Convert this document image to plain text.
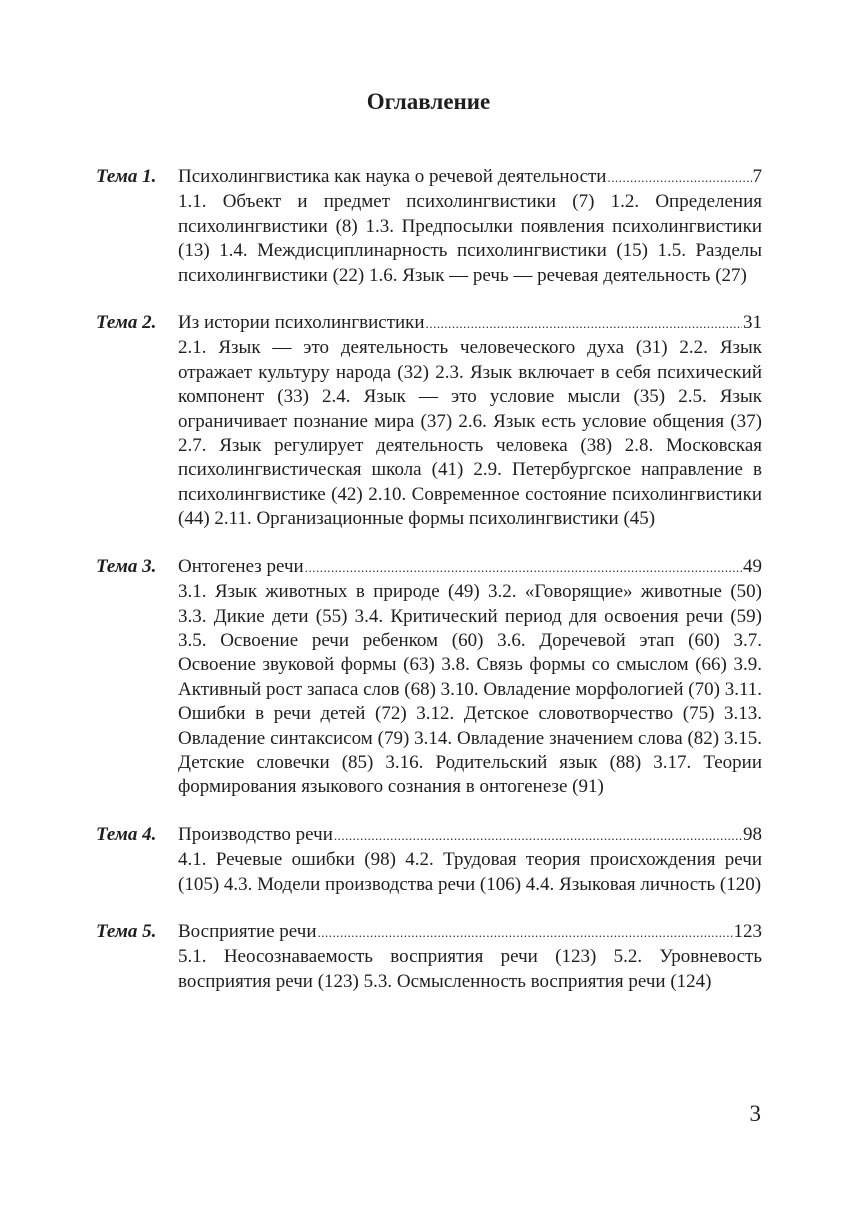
Оглавление
Тема 1.	Психолингвистика как наука о речевой деятельности .....	7
1.1. Объект и предмет психолингвистики (7) 1.2. Определения психолингвистики (8) 1.3. Предпосылки появления психолингвистики (13) 1.4. Междисциплинарность психолингвистики (15) 1.5. Разделы психолингвистики (22) 1.6. Язык — речь — речевая деятельность (27)
Тема 2.	Из истории психолингвистики .....	31
2.1. Язык — это деятельность человеческого духа (31) 2.2. Язык отражает культуру народа (32) 2.3. Язык включает в себя психический компонент (33) 2.4. Язык — это условие мысли (35) 2.5. Язык ограничивает познание мира (37) 2.6. Язык есть условие общения (37) 2.7. Язык регулирует деятельность человека (38) 2.8. Московская психолингвистическая школа (41) 2.9. Петербургское направление в психолингвистике (42) 2.10. Современное состояние психолингвистики (44) 2.11. Организационные формы психолингвистики (45)
Тема 3.	Онтогенез речи .....	49
3.1. Язык животных в природе (49) 3.2. «Говорящие» животные (50) 3.3. Дикие дети (55) 3.4. Критический период для освоения речи (59) 3.5. Освоение речи ребенком (60) 3.6. Доречевой этап (60) 3.7. Освоение звуковой формы (63) 3.8. Связь формы со смыслом (66) 3.9. Активный рост запаса слов (68) 3.10. Овладение морфологией (70) 3.11. Ошибки в речи детей (72) 3.12. Детское словотворчество (75) 3.13. Овладение синтаксисом (79) 3.14. Овладение значением слова (82) 3.15. Детские словечки (85) 3.16. Родительский язык (88) 3.17. Теории формирования языкового сознания в онтогенезе (91)
Тема 4.	Производство речи .....	98
4.1. Речевые ошибки (98) 4.2. Трудовая теория происхождения речи (105) 4.3. Модели производства речи (106) 4.4. Языковая личность (120)
Тема 5.	Восприятие речи .....	123
5.1. Неосознаваемость восприятия речи (123) 5.2. Уровневость восприятия речи (123) 5.3. Осмысленность восприятия речи (124)
3
